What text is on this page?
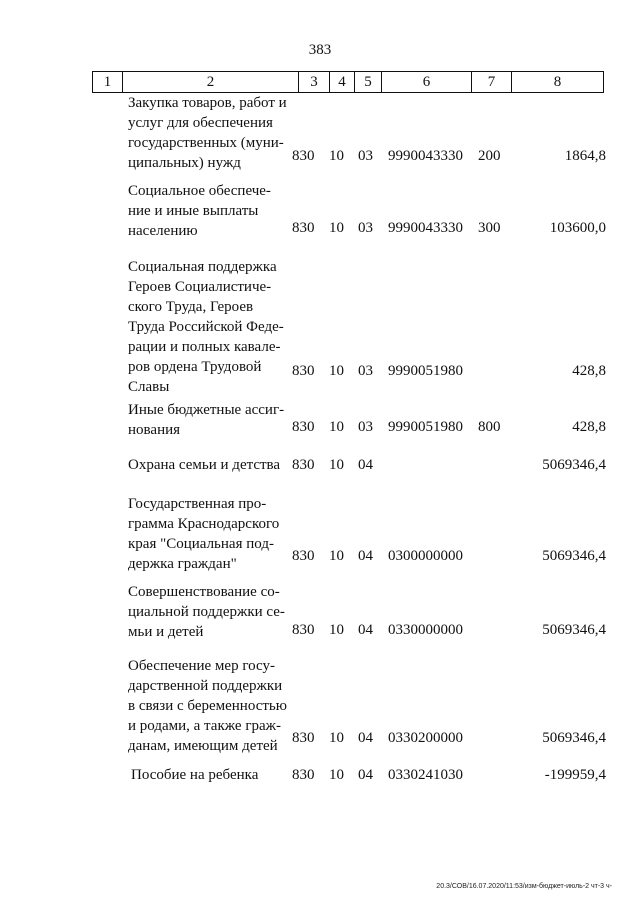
383
1	2	3	4	5	6	7	8
Закупка товаров, работ и
услуг для обеспечения
государственных (муни-
ципальных) нужд	830 10 03 9990043330 200	1864,8
Социальное обеспече-
ние и иные выплаты
населению	830 10 03 9990043330 300	103600,0
Социальная поддержка
Героев Социалистиче-
ского Труда, Героев
Труда Российской Феде-
рации и полных кавале-
ров ордена Трудовой
Славы
830 10 03 9990051980	428,8
Иные бюджетные ассиг-
нования	830 10 03 9990051980 800	428,8
Охрана семьи и детства 830 10 04	5069346,4
Государственная про-
грамма Краснодарского
края "Социальная под-
держка граждан"	830 10 04 0300000000	5069346,4
Совершенствование со-
циальной поддержки се-
мьи и детей	830 10 04 0330000000	5069346,4
Обеспечение мер госу-
дарственной поддержки
в связи с беременностью
и родами, а также граж-
данам, имеющим детей 830 10 04 0330200000	5069346,4
Пособие на ребенка	830 10 04 0330241030	-199959,4
20.3/СОВ/16.07.2020/11:53/изм-бюджет-июль-2 чт-3 ч-
